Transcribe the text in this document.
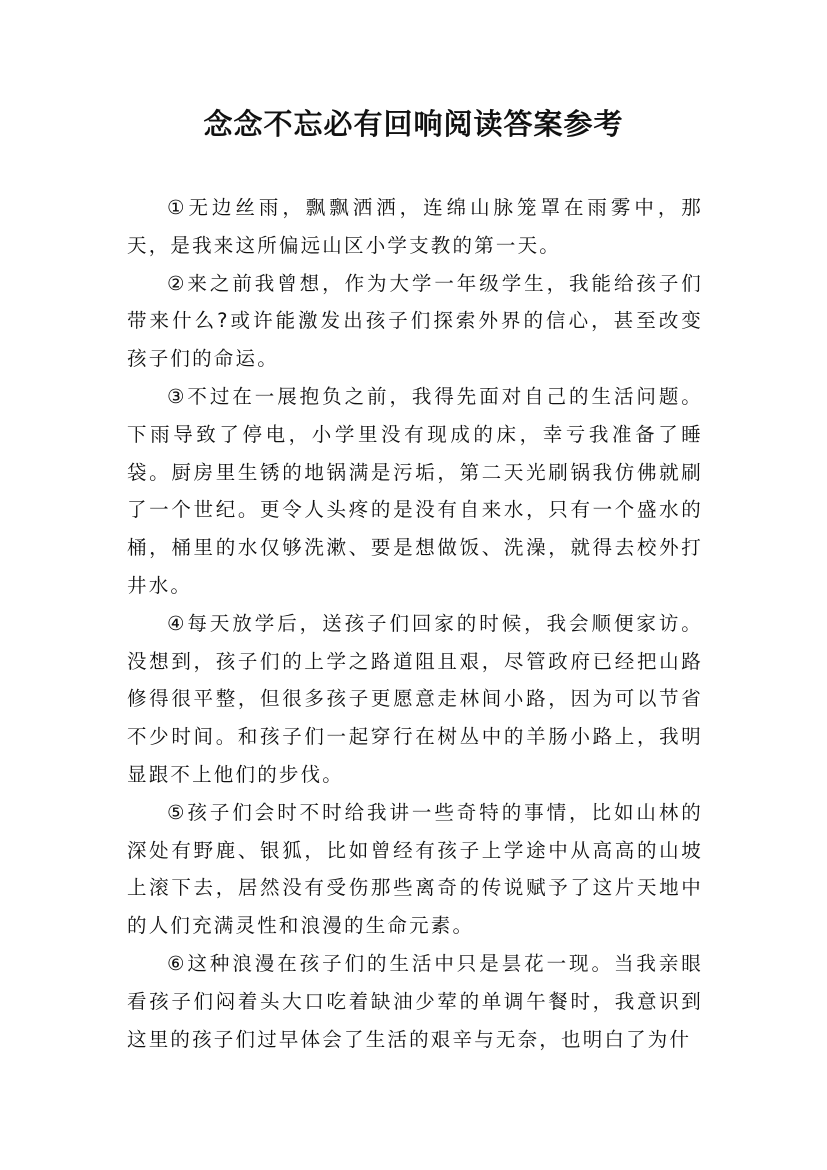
念念不忘必有回响阅读答案参考

①无边丝雨，飘飘洒洒，连绵山脉笼罩在雨雾中，那天，是我来这所偏远山区小学支教的第一天。

②来之前我曾想，作为大学一年级学生，我能给孩子们带来什么?或许能激发出孩子们探索外界的信心，甚至改变孩子们的命运。

③不过在一展抱负之前，我得先面对自己的生活问题。下雨导致了停电，小学里没有现成的床，幸亏我准备了睡袋。厨房里生锈的地锅满是污垢，第二天光刷锅我仿佛就刷了一个世纪。更令人头疼的是没有自来水，只有一个盛水的桶，桶里的水仅够洗漱、要是想做饭、洗澡，就得去校外打井水。

④每天放学后，送孩子们回家的时候，我会顺便家访。没想到，孩子们的上学之路道阻且艰，尽管政府已经把山路修得很平整，但很多孩子更愿意走林间小路，因为可以节省不少时间。和孩子们一起穿行在树丛中的羊肠小路上，我明显跟不上他们的步伐。

⑤孩子们会时不时给我讲一些奇特的事情，比如山林的深处有野鹿、银狐，比如曾经有孩子上学途中从高高的山坡上滚下去，居然没有受伤那些离奇的传说赋予了这片天地中的人们充满灵性和浪漫的生命元素。

⑥这种浪漫在孩子们的生活中只是昙花一现。当我亲眼看孩子们闷着头大口吃着缺油少荤的单调午餐时，我意识到这里的孩子们过早体会了生活的艰辛与无奈，也明白了为什
